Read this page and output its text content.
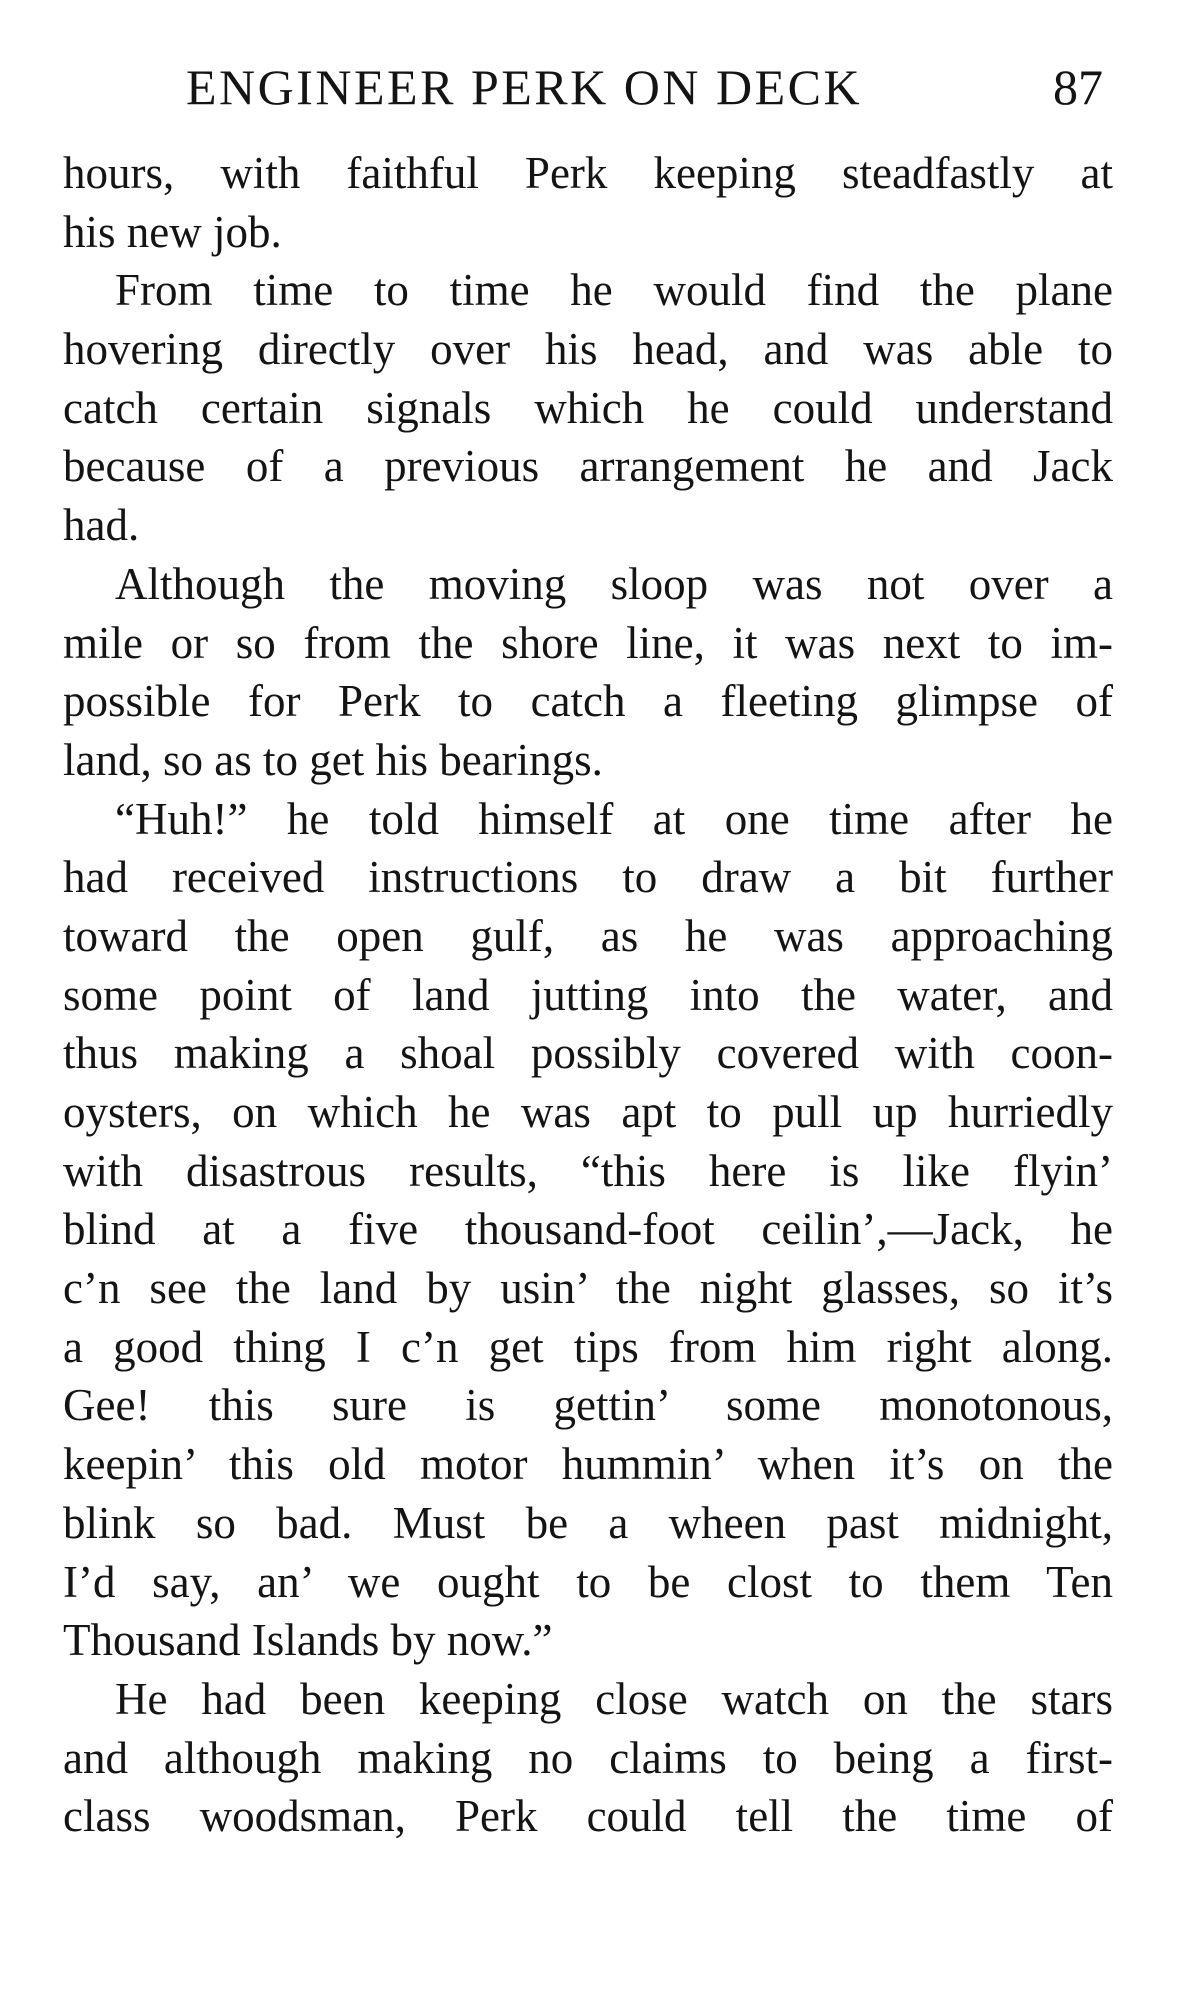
ENGINEER PERK ON DECK	87
hours, with faithful Perk keeping steadfastly at
his new job.
From time to time he would find the plane
hovering directly over his head, and was able to
catch certain signals which he could understand
because of a previous arrangement he and Jack
had.
Although the moving sloop was not over a
mile or so from the shore line, it was next to im-
possible for Perk to catch a fleeting glimpse of
land, so as to get his bearings.
“Huh!” he told himself at one time after he
had received instructions to draw a bit further
toward the open gulf, as he was approaching
some point of land jutting into the water, and
thus making a shoal possibly covered with coon-
oysters, on which he was apt to pull up hurriedly
with disastrous results, “this here is like flyin’
blind at a five thousand-foot ceilin’,—Jack, he
c’n see the land by usin’ the night glasses, so it’s
a good thing I c’n get tips from him right along.
Gee! this sure is gettin’ some monotonous,
keepin’ this old motor hummin’ when it’s on the
blink so bad. Must be a wheen past midnight,
I’d say, an’ we ought to be clost to them Ten
Thousand Islands by now.”
He had been keeping close watch on the stars
and although making no claims to being a first-
class woodsman, Perk could tell the time of
